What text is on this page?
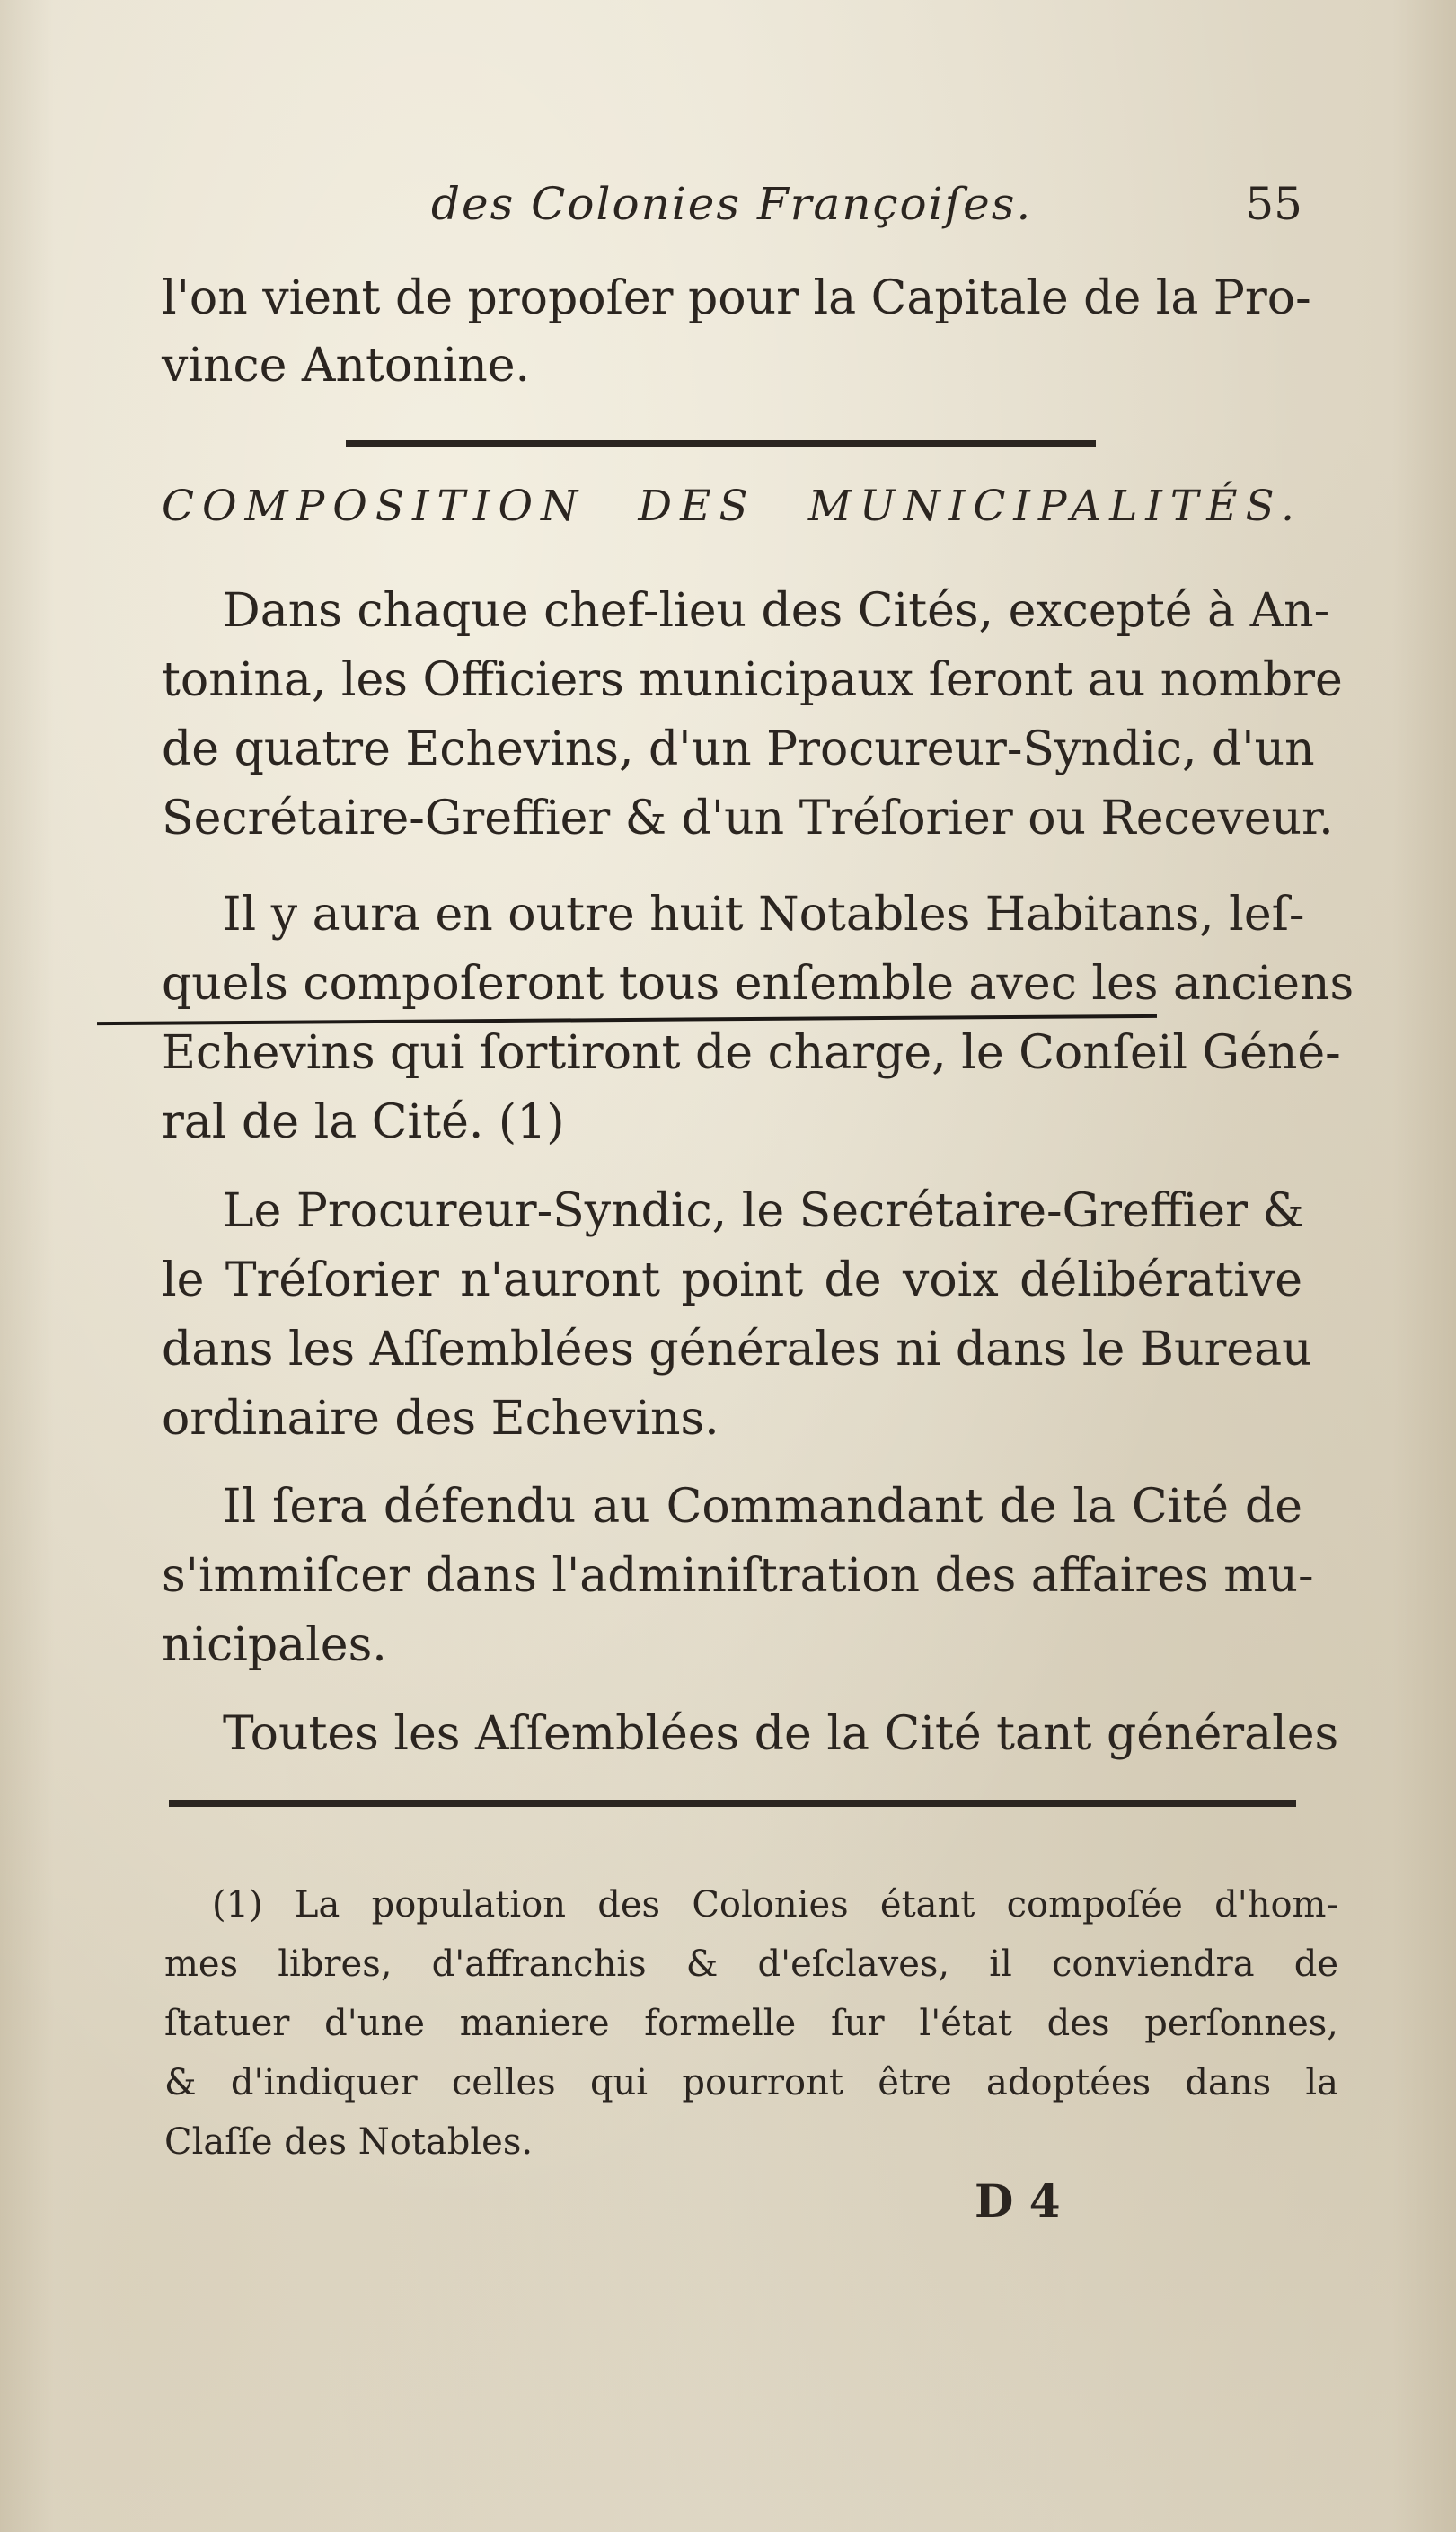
des Colonies Françoiſes.	55
l'on vient de propoſer pour la Capitale de la Pro-
vince Antonine.
COMPOSITION DES MUNICIPALITÉS.
Dans chaque chef-lieu des Cités, excepté à An-
tonina, les Officiers municipaux ſeront au nombre
de quatre Echevins, d'un Procureur-Syndic, d'un
Secrétaire-Greffier & d'un Tréſorier ou Receveur.
Il y aura en outre huit Notables Habitans, leſ-
quels compoſeront tous enſemble avec les anciens
Echevins qui ſortiront de charge, le Conſeil Géné-
ral de la Cité. (1)
Le Procureur-Syndic, le Secrétaire-Greffier &
le Tréſorier n'auront point de voix délibérative
dans les Aſſemblées générales ni dans le Bureau
ordinaire des Echevins.
Il ſera défendu au Commandant de la Cité de
s'immiſcer dans l'adminiſtration des affaires mu-
nicipales.
Toutes les Aſſemblées de la Cité tant générales
(1) La population des Colonies étant compoſée d'hom-
mes libres, d'affranchis & d'eſclaves, il conviendra de
ſtatuer d'une maniere formelle ſur l'état des perſonnes,
& d'indiquer celles qui pourront être adoptées dans la
Claſſe des Notables.
D 4
